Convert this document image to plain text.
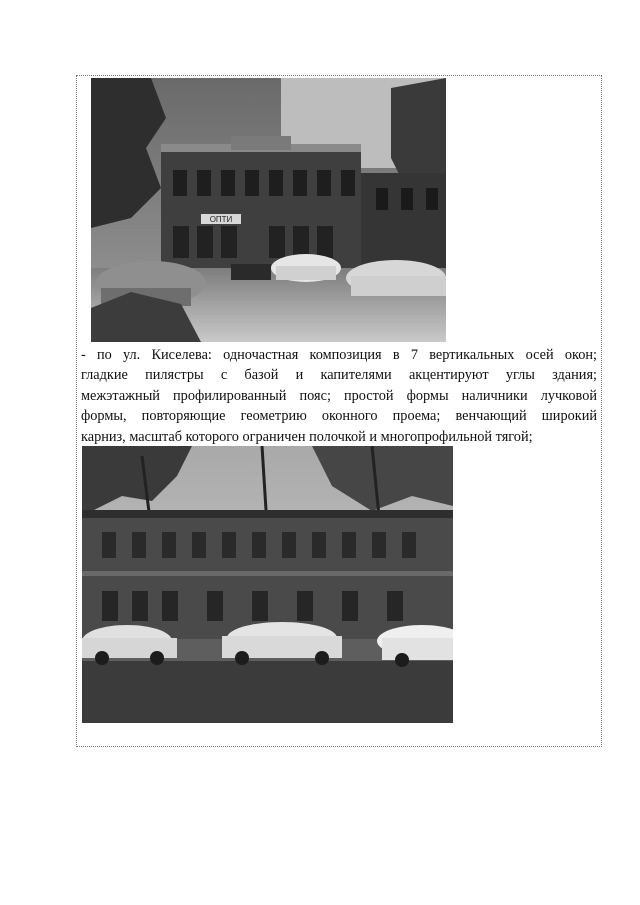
ОПТИ
- по ул. Киселева: одночастная композиция в 7 вертикальных осей окон;
гладкие пилястры с базой и капителями акцентируют углы здания;
межэтажный профилированный пояс; простой формы наличники лучковой
формы, повторяющие геометрию оконного проема; венчающий широкий
карниз, масштаб которого ограничен полочкой и многопрофильной тягой;
